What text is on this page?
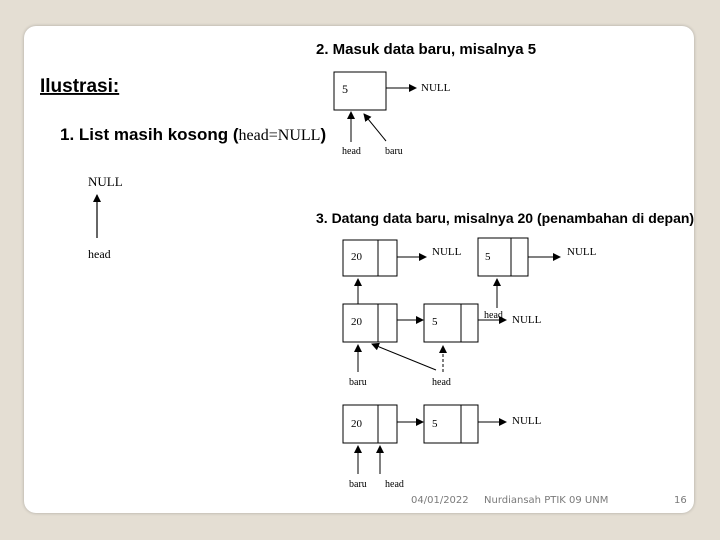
Ilustrasi:
1. List masih kosong (head=NULL)
NULL
head
2. Masuk data baru, misalnya 5
5	NULL
head baru
3. Datang data baru, misalnya 20 (penambahan di depan)
20	NULL 5	NULL
20	5
head NULL
baru	head
20	5	NULL
baru head
04/01/2022 Nurdiansah PTIK 09 UNM	16
